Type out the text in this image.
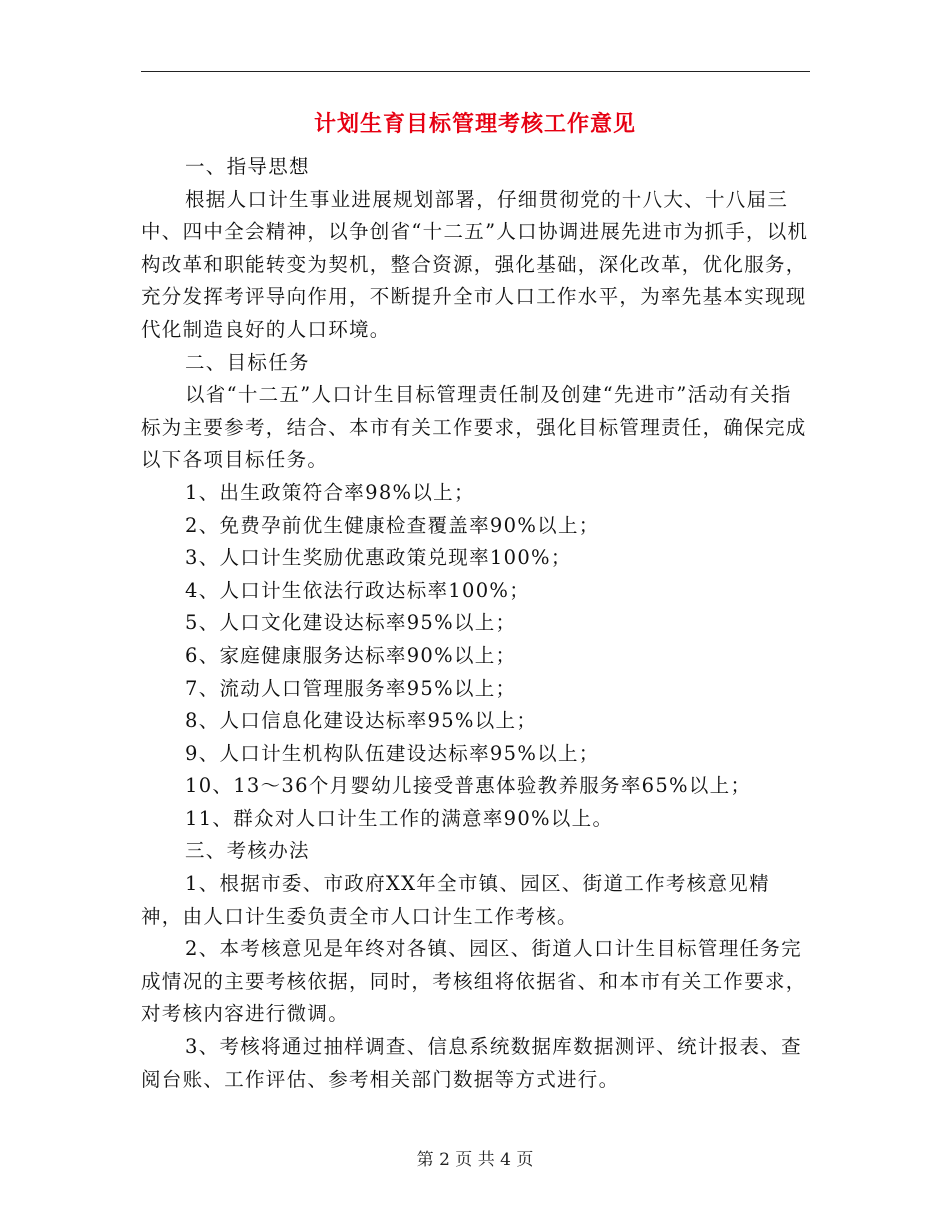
计划生育目标管理考核工作意见

一、指导思想

根据人口计生事业进展规划部署，仔细贯彻党的十八大、十八届三中、四中全会精神，以争创省“十二五”人口协调进展先进市为抓手，以机构改革和职能转变为契机，整合资源，强化基础，深化改革，优化服务，充分发挥考评导向作用，不断提升全市人口工作水平，为率先基本实现现代化制造良好的人口环境。

二、目标任务

以省“十二五”人口计生目标管理责任制及创建“先进市”活动有关指标为主要参考，结合、本市有关工作要求，强化目标管理责任，确保完成以下各项目标任务。

1、出生政策符合率98%以上；

2、免费孕前优生健康检查覆盖率90%以上；

3、人口计生奖励优惠政策兑现率100%；

4、人口计生依法行政达标率100%；

5、人口文化建设达标率95%以上；

6、家庭健康服务达标率90%以上；

7、流动人口管理服务率95%以上；

8、人口信息化建设达标率95%以上；

9、人口计生机构队伍建设达标率95%以上；

10、13～36个月婴幼儿接受普惠体验教养服务率65%以上；

11、群众对人口计生工作的满意率90%以上。

三、考核办法

1、根据市委、市政府XX年全市镇、园区、街道工作考核意见精神，由人口计生委负责全市人口计生工作考核。

2、本考核意见是年终对各镇、园区、街道人口计生目标管理任务完成情况的主要考核依据，同时，考核组将依据省、和本市有关工作要求，对考核内容进行微调。

3、考核将通过抽样调查、信息系统数据库数据测评、统计报表、查阅台账、工作评估、参考相关部门数据等方式进行。

第 2 页 共 4 页
